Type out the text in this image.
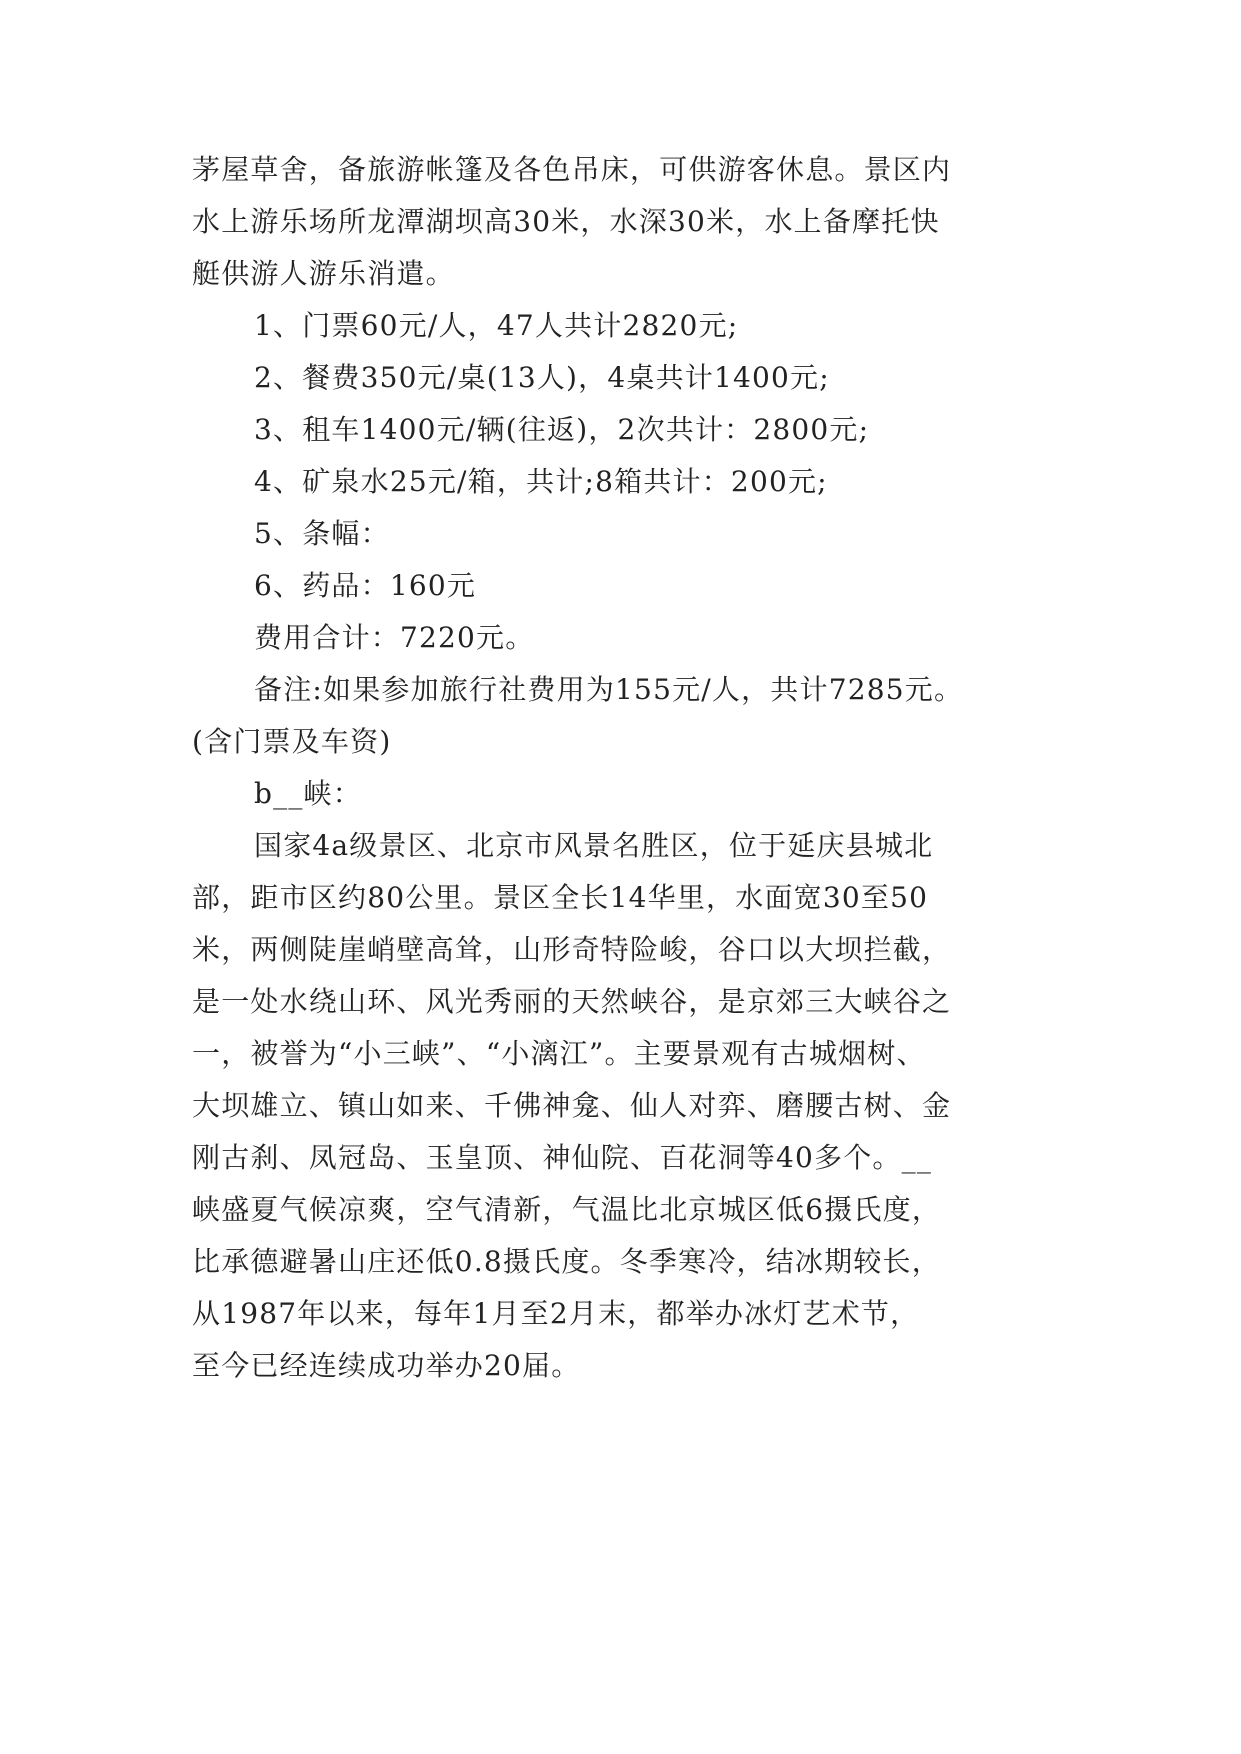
茅屋草舍，备旅游帐篷及各色吊床，可供游客休息。景区内
水上游乐场所龙潭湖坝高30米，水深30米，水上备摩托快
艇供游人游乐消遣。
1、门票60元/人，47人共计2820元;
2、餐费350元/桌(13人)，4桌共计1400元;
3、租车1400元/辆(往返)，2次共计：2800元;
4、矿泉水25元/箱，共计;8箱共计：200元;
5、条幅：
6、药品：160元
费用合计：7220元。
备注:如果参加旅行社费用为155元/人，共计7285元。
(含门票及车资)
b__峡：
国家4a级景区、北京市风景名胜区，位于延庆县城北
部，距市区约80公里。景区全长14华里，水面宽30至50
米，两侧陡崖峭壁高耸，山形奇特险峻，谷口以大坝拦截，
是一处水绕山环、风光秀丽的天然峡谷，是京郊三大峡谷之
一，被誉为“小三峡”、“小漓江”。主要景观有古城烟树、
大坝雄立、镇山如来、千佛神龛、仙人对弈、磨腰古树、金
刚古刹、凤冠岛、玉皇顶、神仙院、百花洞等40多个。__
峡盛夏气候凉爽，空气清新，气温比北京城区低6摄氏度，
比承德避暑山庄还低0.8摄氏度。冬季寒冷，结冰期较长，
从1987年以来，每年1月至2月末，都举办冰灯艺术节，
至今已经连续成功举办20届。
